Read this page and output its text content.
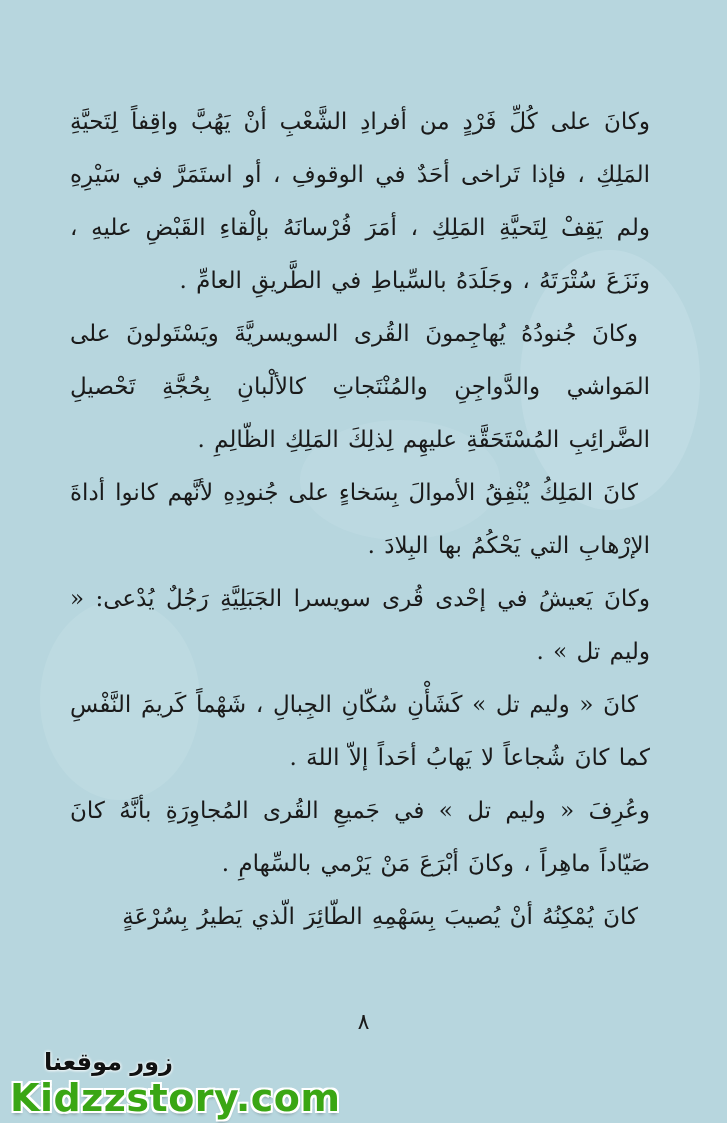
وكانَ على كُلِّ فَرْدٍ من أفرادِ الشَّعْبِ أنْ يَهُبَّ واقِفاً لِتَحيَّةِ المَلِكِ ، فإذا تَراخى أحَدٌ في الوقوفِ ، أو استَمَرَّ في سَيْرِهِ ولم يَقِفْ لِتَحيَّةِ المَلِكِ ، أمَرَ فُرْسانَهُ بإلْقاءِ القَبْضِ عليهِ ، ونَزَعَ سُتْرَتَهُ ، وجَلَدَهُ بالسِّياطِ في الطَّريقِ العامِّ .

وكانَ جُنودُهُ يُهاجِمونَ القُرى السويسريَّةَ ويَسْتَولونَ على المَواشي والدَّواجِنِ والمُنْتَجاتِ كالألْبانِ بِحُجَّةِ تَحْصيلِ الضَّرائِبِ المُسْتَحَقَّةِ عليهِم لِذلِكَ المَلِكِ الظّالِمِ .

كانَ المَلِكُ يُنْفِقُ الأموالَ بِسَخاءٍ على جُنودِهِ لأنَّهم كانوا أداةَ الإرْهابِ التي يَحْكُمُ بها البِلادَ .

وكانَ يَعيشُ في إحْدى قُرى سويسرا الجَبَلِيَّةِ رَجُلٌ يُدْعى: « وليم تل » .

كانَ « وليم تل » كَشَأْنِ سُكّانِ الجِبالِ ، شَهْماً كَريمَ النَّفْسِ كما كانَ شُجاعاً لا يَهابُ أحَداً إلاّ اللهَ .

وعُرِفَ « وليم تل » في جَميعِ القُرى المُجاوِرَةِ بأنَّهُ كانَ صَيّاداً ماهِراً ، وكانَ أبْرَعَ مَنْ يَرْمي بالسِّهامِ .

كانَ يُمْكِنُهُ أنْ يُصيبَ بِسَهْمِهِ الطّائِرَ الّذي يَطيرُ بِسُرْعَةٍ

٨
زور موقعنا
Kidzzstory.com
